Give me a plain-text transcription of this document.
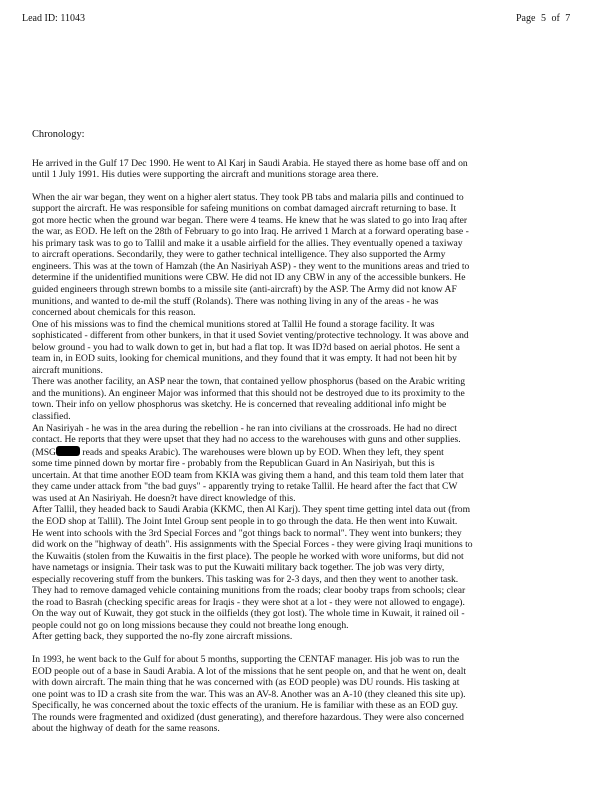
Lead ID: 11043	Page 5 of 7
Chronology:
He arrived in the Gulf 17 Dec 1990. He went to Al Karj in Saudi Arabia. He stayed there as home base off and on
until 1 July 1991. His duties were supporting the aircraft and munitions storage area there.
When the air war began, they went on a higher alert status. They took PB tabs and malaria pills and continued to
support the aircraft. He was responsible for safeing munitions on combat damaged aircraft returning to base. It
got more hectic when the ground war began. There were 4 teams. He knew that he was slated to go into Iraq after
the war, as EOD. He left on the 28th of February to go into Iraq. He arrived 1 March at a forward operating base -
his primary task was to go to Tallil and make it a usable airfield for the allies. They eventually opened a taxiway
to aircraft operations. Secondarily, they were to gather technical intelligence. They also supported the Army
engineers. This was at the town of Hamzah (the An Nasiriyah ASP) - they went to the munitions areas and tried to
determine if the unidentified munitions were CBW. He did not ID any CBW in any of the accessible bunkers. He
guided engineers through strewn bombs to a missile site (anti-aircraft) by the ASP. The Army did not know AF
munitions, and wanted to de-mil the stuff (Rolands). There was nothing living in any of the areas - he was
concerned about chemicals for this reason.
One of his missions was to find the chemical munitions stored at Tallil He found a storage facility. It was
sophisticated - different from other bunkers, in that it used Soviet venting/protective technology. It was above and
below ground - you had to walk down to get in, but had a flat top. It was ID?d based on aerial photos. He sent a
team in, in EOD suits, looking for chemical munitions, and they found that it was empty. It had not been hit by
aircraft munitions.
There was another facility, an ASP near the town, that contained yellow phosphorus (based on the Arabic writing
and the munitions). An engineer Major was informed that this should not be destroyed due to its proximity to the
town. Their info on yellow phosphorus was sketchy. He is concerned that revealing additional info might be
classified.
An Nasiriyah - he was in the area during the rebellion - he ran into civilians at the crossroads. He had no direct
contact. He reports that they were upset that they had no access to the warehouses with guns and other supplies.
(MSG	reads and speaks Arabic). The warehouses were blown up by EOD. When they left, they spent
some time pinned down by mortar fire - probably from the Republican Guard in An Nasiriyah, but this is
uncertain. At that time another EOD team from KKIA was giving them a hand, and this team told them later that
they came under attack from "the bad guys" - apparently trying to retake Tallil. He heard after the fact that CW
was used at An Nasiriyah. He doesn?t have direct knowledge of this.
After Tallil, they headed back to Saudi Arabia (KKMC, then Al Karj). They spent time getting intel data out (from
the EOD shop at Tallil). The Joint Intel Group sent people in to go through the data. He then went into Kuwait.
He went into schools with the 3rd Special Forces and "got things back to normal". They went into bunkers; they
did work on the "highway of death". His assignments with the Special Forces - they were giving Iraqi munitions to
the Kuwaitis (stolen from the Kuwaitis in the first place). The people he worked with wore uniforms, but did not
have nametags or insignia. Their task was to put the Kuwaiti military back together. The job was very dirty,
especially recovering stuff from the bunkers. This tasking was for 2-3 days, and then they went to another task.
They had to remove damaged vehicle containing munitions from the roads; clear booby traps from schools; clear
the road to Basrah (checking specific areas for Iraqis - they were shot at a lot - they were not allowed to engage).
On the way out of Kuwait, they got stuck in the oilfields (they got lost). The whole time in Kuwait, it rained oil -
people could not go on long missions because they could not breathe long enough.
After getting back, they supported the no-fly zone aircraft missions.
In 1993, he went back to the Gulf for about 5 months, supporting the CENTAF manager. His job was to run the
EOD people out of a base in Saudi Arabia. A lot of the missions that he sent people on, and that he went on, dealt
with down aircraft. The main thing that he was concerned with (as EOD people) was DU rounds. His tasking at
one point was to ID a crash site from the war. This was an AV-8. Another was an A-10 (they cleaned this site up).
Specifically, he was concerned about the toxic effects of the uranium. He is familiar with these as an EOD guy.
The rounds were fragmented and oxidized (dust generating), and therefore hazardous. They were also concerned
about the highway of death for the same reasons.
